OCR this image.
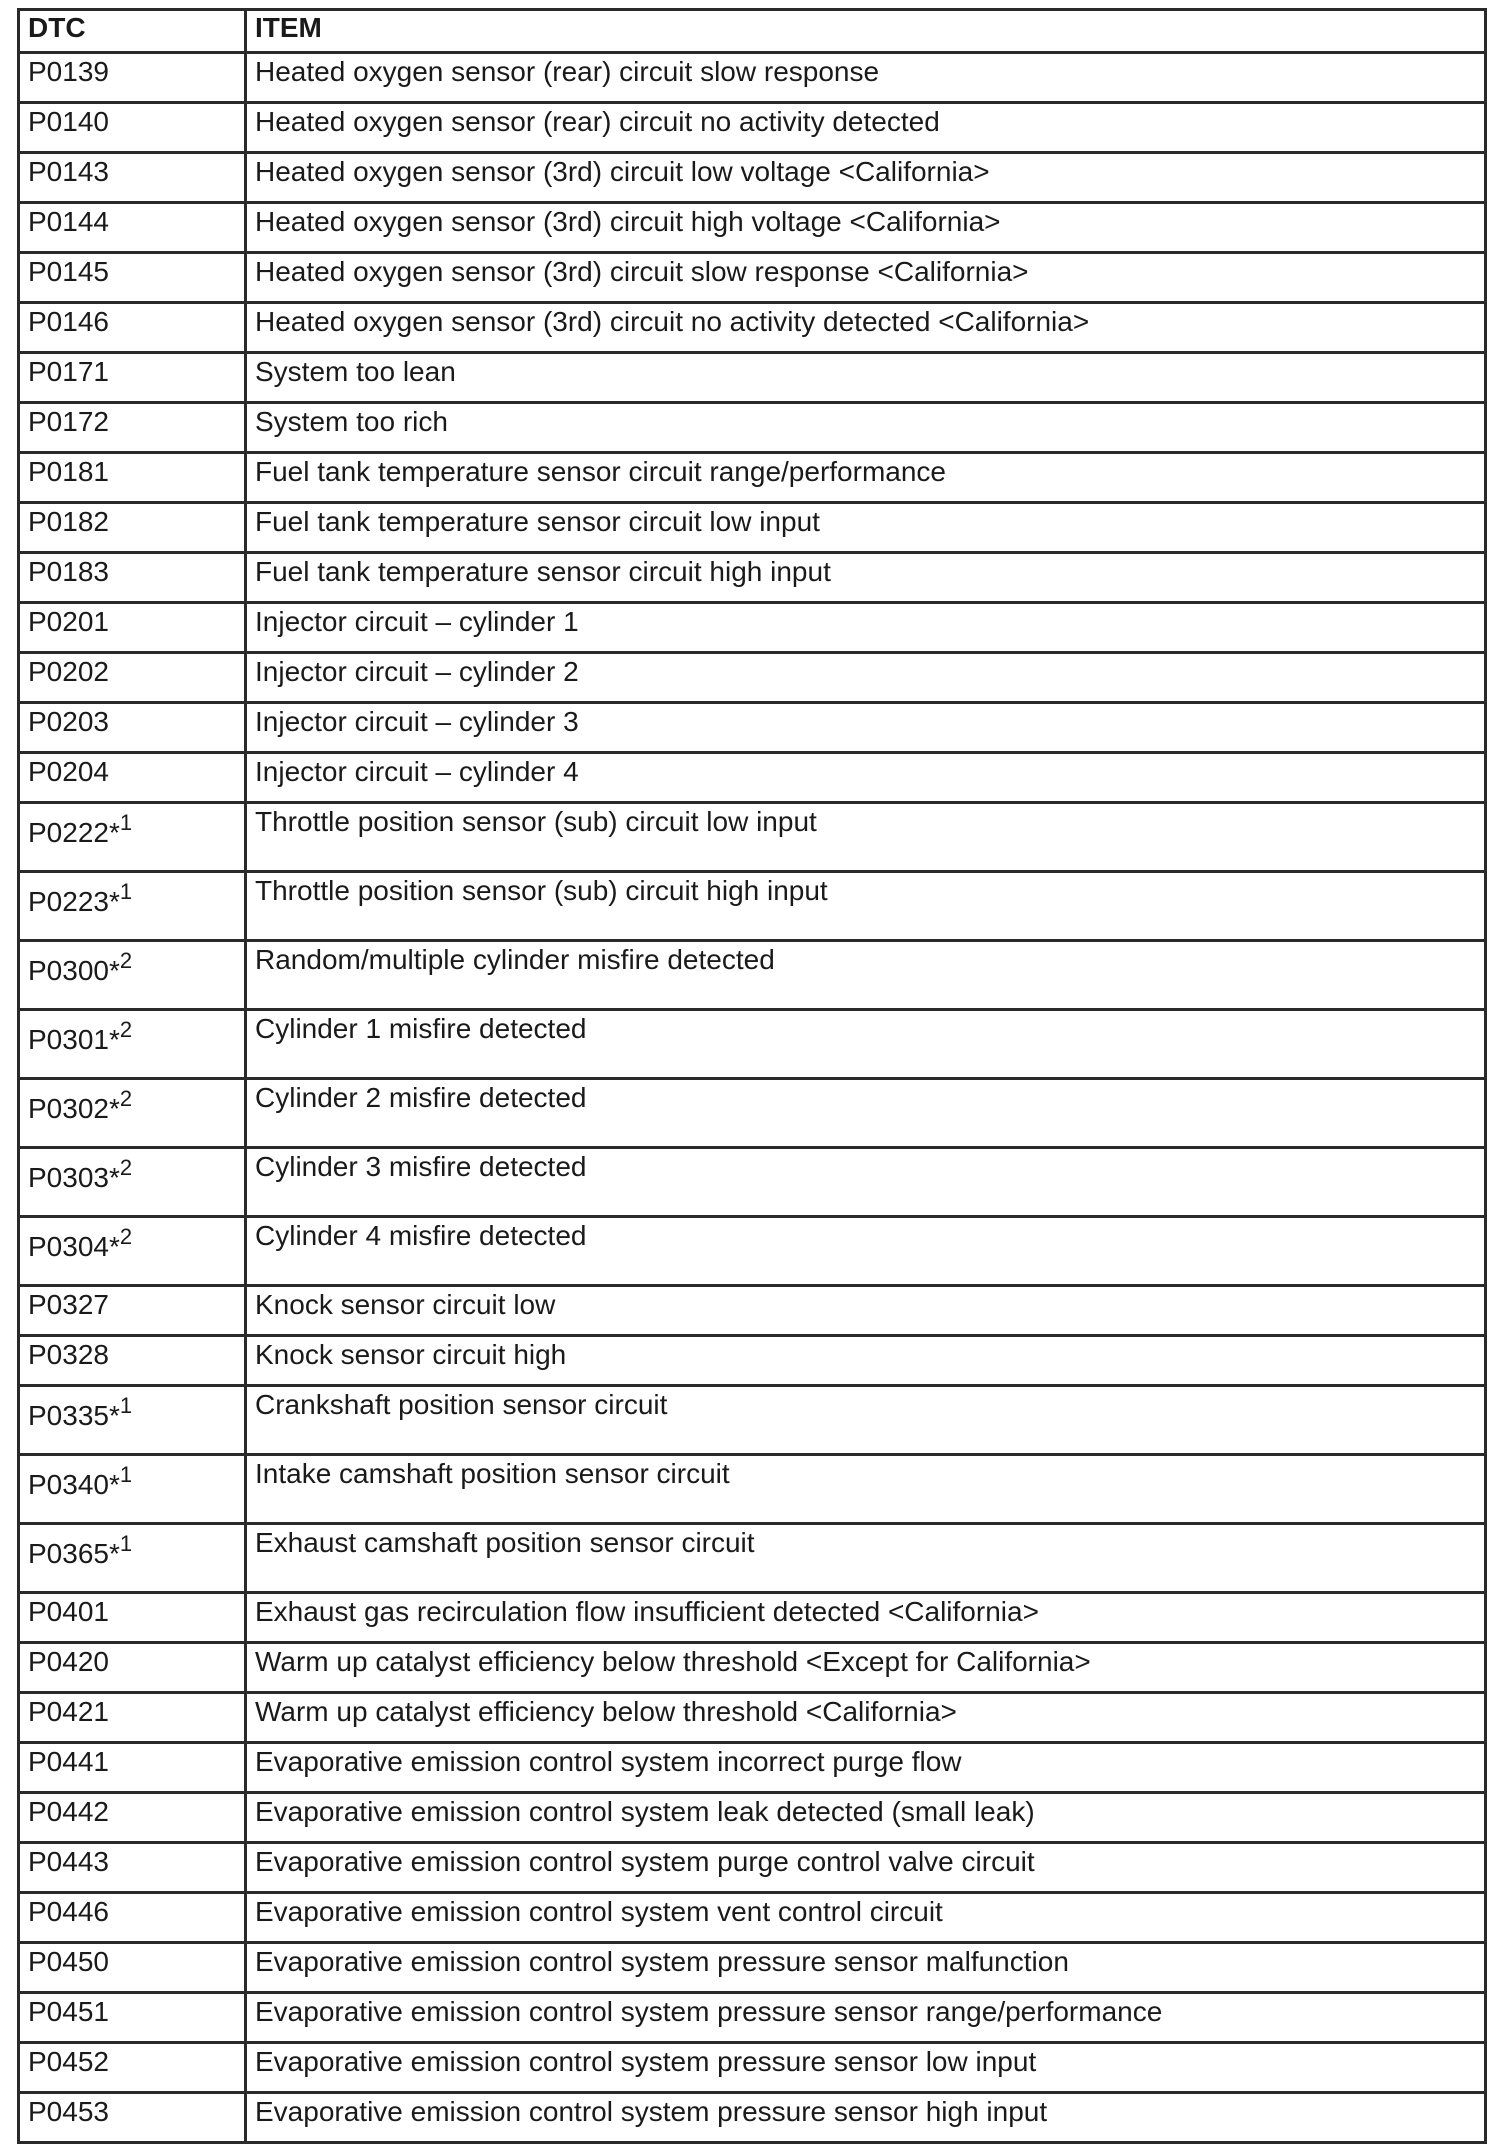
DTC	ITEM
P0139	Heated oxygen sensor (rear) circuit slow response
P0140	Heated oxygen sensor (rear) circuit no activity detected
P0143	Heated oxygen sensor (3rd) circuit low voltage <California>
P0144	Heated oxygen sensor (3rd) circuit high voltage <California>
P0145	Heated oxygen sensor (3rd) circuit slow response <California>
P0146	Heated oxygen sensor (3rd) circuit no activity detected <California>
P0171	System too lean
P0172	System too rich
P0181	Fuel tank temperature sensor circuit range/performance
P0182	Fuel tank temperature sensor circuit low input
P0183	Fuel tank temperature sensor circuit high input
P0201	Injector circuit – cylinder 1
P0202	Injector circuit – cylinder 2
P0203	Injector circuit – cylinder 3
P0204	Injector circuit – cylinder 4
P0222*$^1$	Throttle position sensor (sub) circuit low input
P0223*$^1$	Throttle position sensor (sub) circuit high input
P0300*$^2$	Random/multiple cylinder misfire detected
P0301*$^2$	Cylinder 1 misfire detected
P0302*$^2$	Cylinder 2 misfire detected
P0303*$^2$	Cylinder 3 misfire detected
P0304*$^2$	Cylinder 4 misfire detected
P0327	Knock sensor circuit low
P0328	Knock sensor circuit high
P0335*$^1$	Crankshaft position sensor circuit
P0340*$^1$	Intake camshaft position sensor circuit
P0365*$^1$	Exhaust camshaft position sensor circuit
P0401	Exhaust gas recirculation flow insufficient detected <California>
P0420	Warm up catalyst efficiency below threshold <Except for California>
P0421	Warm up catalyst efficiency below threshold <California>
P0441	Evaporative emission control system incorrect purge flow
P0442	Evaporative emission control system leak detected (small leak)
P0443	Evaporative emission control system purge control valve circuit
P0446	Evaporative emission control system vent control circuit
P0450	Evaporative emission control system pressure sensor malfunction
P0451	Evaporative emission control system pressure sensor range/performance
P0452	Evaporative emission control system pressure sensor low input
P0453	Evaporative emission control system pressure sensor high input
